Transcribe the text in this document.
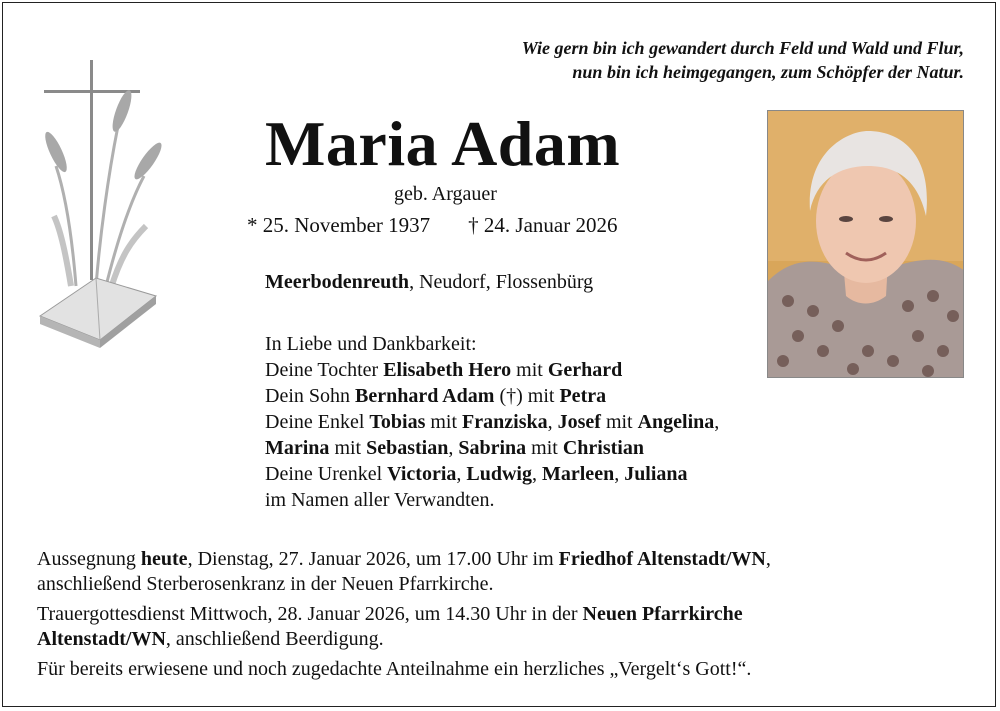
Wie gern bin ich gewandert durch Feld und Wald und Flur,
nun bin ich heimgegangen, zum Schöpfer der Natur.
Maria Adam
geb. Argauer
* 25. November 1937 † 24. Januar 2026
Meerbodenreuth, Neudorf, Flossenbürg
In Liebe und Dankbarkeit:
Deine Tochter Elisabeth Hero mit Gerhard
Dein Sohn Bernhard Adam (†) mit Petra
Deine Enkel Tobias mit Franziska, Josef mit Angelina,
Marina mit Sebastian, Sabrina mit Christian
Deine Urenkel Victoria, Ludwig, Marleen, Juliana
im Namen aller Verwandten.
Aussegnung heute, Dienstag, 27. Januar 2026, um 17.00 Uhr im Friedhof Altenstadt/WN,
anschließend Sterberosenkranz in der Neuen Pfarrkirche.
Trauergottesdienst Mittwoch, 28. Januar 2026, um 14.30 Uhr in der Neuen Pfarrkirche
Altenstadt/WN, anschließend Beerdigung.
Für bereits erwiesene und noch zugedachte Anteilnahme ein herzliches „Vergelt‘s Gott!“.
